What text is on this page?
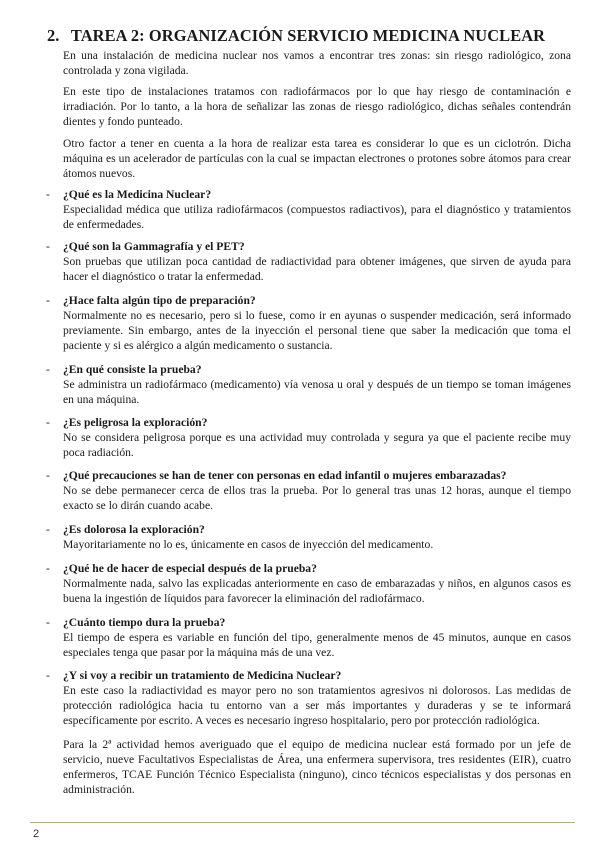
2. TAREA 2: ORGANIZACIÓN SERVICIO MEDICINA NUCLEAR

En una instalación de medicina nuclear nos vamos a encontrar tres zonas: sin riesgo radiológico, zona controlada y zona vigilada.

En este tipo de instalaciones tratamos con radiofármacos por lo que hay riesgo de contaminación e irradiación. Por lo tanto, a la hora de señalizar las zonas de riesgo radiológico, dichas señales contendrán dientes y fondo punteado.

Otro factor a tener en cuenta a la hora de realizar esta tarea es considerar lo que es un ciclotrón. Dicha máquina es un acelerador de partículas con la cual se impactan electrones o protones sobre átomos para crear átomos nuevos.

-	¿Qué es la Medicina Nuclear?

Especialidad médica que utiliza radiofármacos (compuestos radiactivos), para el diagnóstico y tratamientos de enfermedades.

-	¿Qué son la Gammagrafía y el PET?

Son pruebas que utilizan poca cantidad de radiactividad para obtener imágenes, que sirven de ayuda para hacer el diagnóstico o tratar la enfermedad.

-	¿Hace falta algún tipo de preparación?

Normalmente no es necesario, pero si lo fuese, como ir en ayunas o suspender medicación, será informado previamente. Sin embargo, antes de la inyección el personal tiene que saber la medicación que toma el paciente y si es alérgico a algún medicamento o sustancia.

-	¿En qué consiste la prueba?

Se administra un radiofármaco (medicamento) vía venosa u oral y después de un tiempo se toman imágenes en una máquina.

-	¿Es peligrosa la exploración?

No se considera peligrosa porque es una actividad muy controlada y segura ya que el paciente recibe muy poca radiación.

-	¿Qué precauciones se han de tener con personas en edad infantil o mujeres embarazadas?

No se debe permanecer cerca de ellos tras la prueba. Por lo general tras unas 12 horas, aunque el tiempo exacto se lo dirán cuando acabe.

-	¿Es dolorosa la exploración?

Mayoritariamente no lo es, únicamente en casos de inyección del medicamento.

-	¿Qué he de hacer de especial después de la prueba?

Normalmente nada, salvo las explicadas anteriormente en caso de embarazadas y niños, en algunos casos es buena la ingestión de líquidos para favorecer la eliminación del radiofármaco.

-	¿Cuánto tiempo dura la prueba?

El tiempo de espera es variable en función del tipo, generalmente menos de 45 minutos, aunque en casos especiales tenga que pasar por la máquina más de una vez.

-	¿Y si voy a recibir un tratamiento de Medicina Nuclear?

En este caso la radiactividad es mayor pero no son tratamientos agresivos ni dolorosos. Las medidas de protección radiológica hacia tu entorno van a ser más importantes y duraderas y se te informará específicamente por escrito. A veces es necesario ingreso hospitalario, pero por protección radiológica.

Para la 2ª actividad hemos averiguado que el equipo de medicina nuclear está formado por un jefe de servicio, nueve Facultativos Especialistas de Área, una enfermera supervisora, tres residentes (EIR), cuatro enfermeros, TCAE Función Técnico Especialista (ninguno), cinco técnicos especialistas y dos personas en administración.

2
